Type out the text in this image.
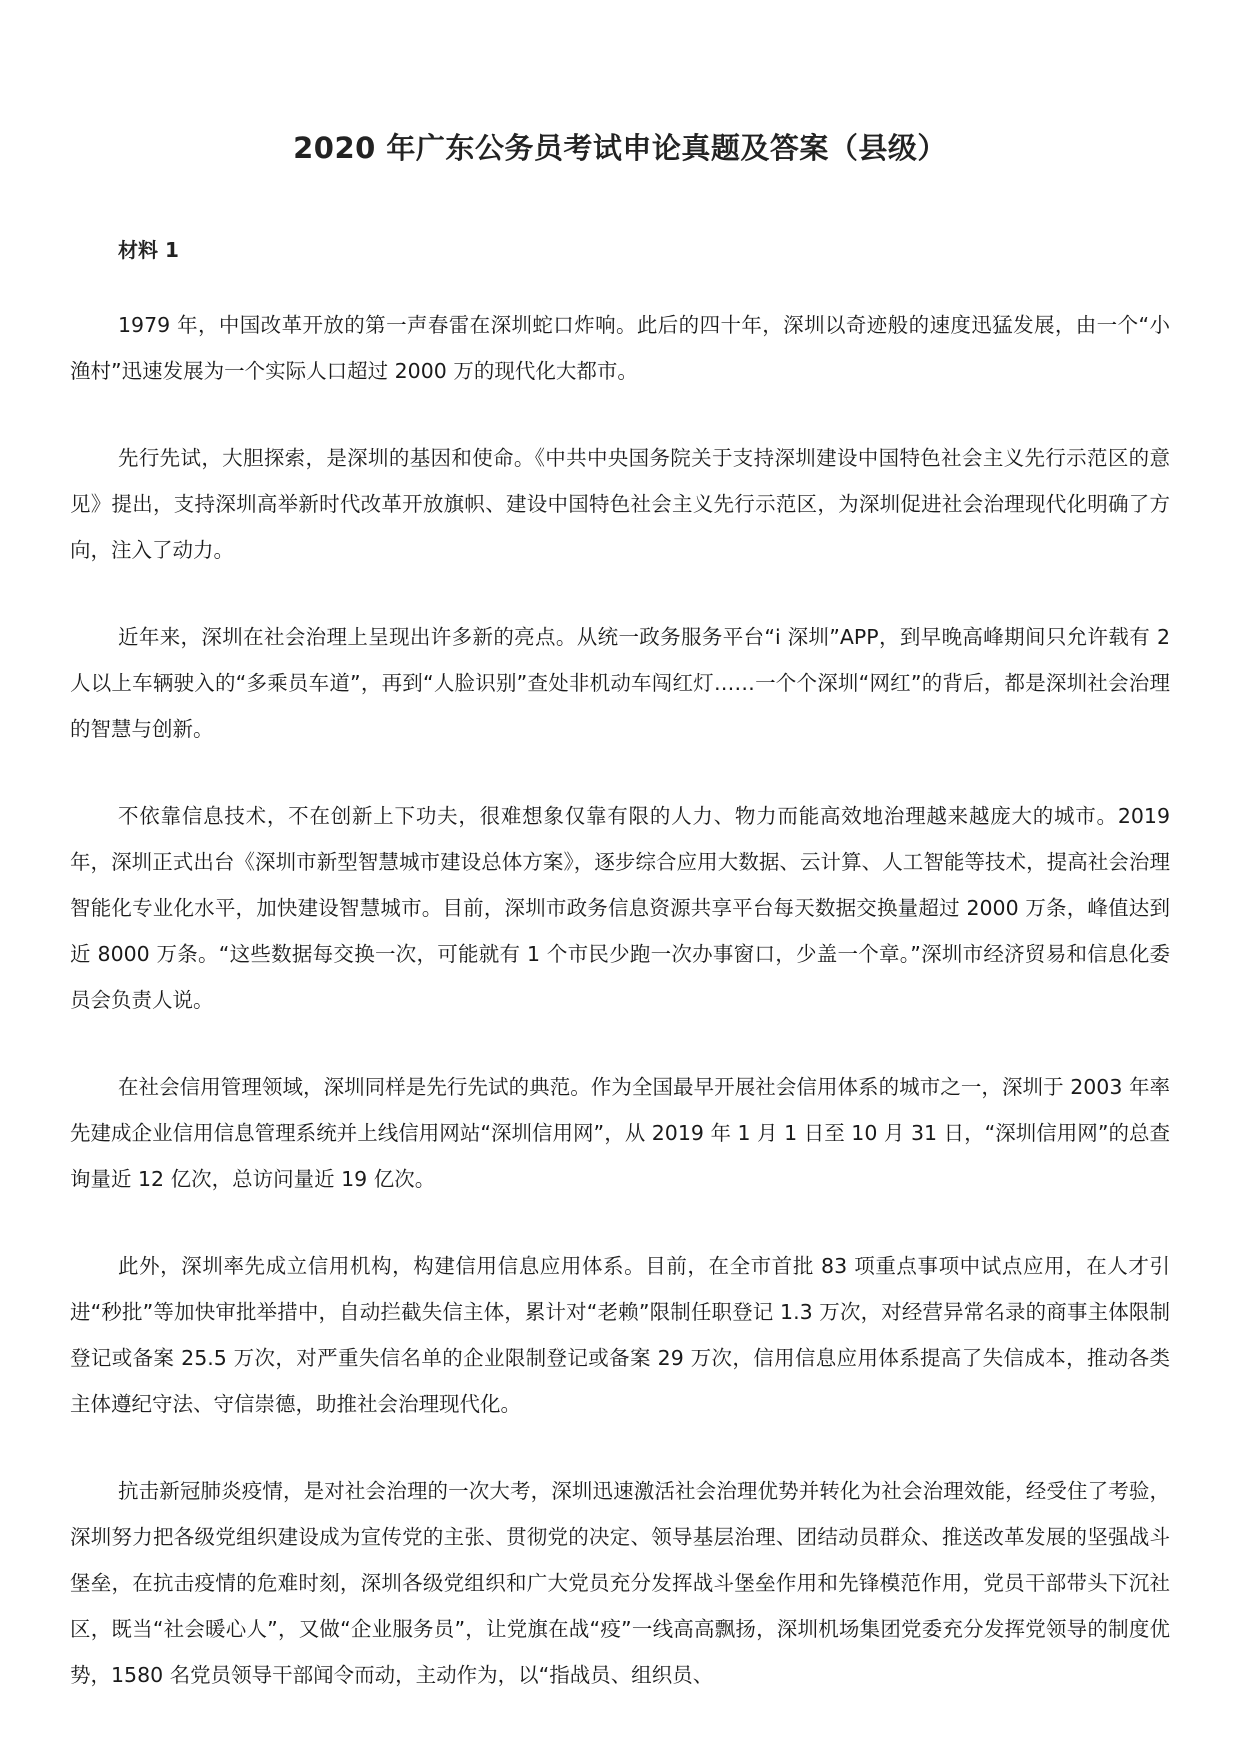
2020 年广东公务员考试申论真题及答案（县级）
材料 1

1979 年，中国改革开放的第一声春雷在深圳蛇口炸响。此后的四十年，深圳以奇迹般的速度迅猛发展，由一个“小渔村”迅速发展为一个实际人口超过 2000 万的现代化大都市。

先行先试，大胆探索，是深圳的基因和使命。《中共中央国务院关于支持深圳建设中国特色社会主义先行示范区的意见》提出，支持深圳高举新时代改革开放旗帜、建设中国特色社会主义先行示范区，为深圳促进社会治理现代化明确了方向，注入了动力。

近年来，深圳在社会治理上呈现出许多新的亮点。从统一政务服务平台“i 深圳”APP，到早晚高峰期间只允许载有 2 人以上车辆驶入的“多乘员车道”，再到“人脸识别”查处非机动车闯红灯……一个个深圳“网红”的背后，都是深圳社会治理的智慧与创新。

不依靠信息技术，不在创新上下功夫，很难想象仅靠有限的人力、物力而能高效地治理越来越庞大的城市。2019 年，深圳正式出台《深圳市新型智慧城市建设总体方案》，逐步综合应用大数据、云计算、人工智能等技术，提高社会治理智能化专业化水平，加快建设智慧城市。目前，深圳市政务信息资源共享平台每天数据交换量超过 2000 万条，峰值达到近 8000 万条。“这些数据每交换一次，可能就有 1 个市民少跑一次办事窗口，少盖一个章。”深圳市经济贸易和信息化委员会负责人说。

在社会信用管理领域，深圳同样是先行先试的典范。作为全国最早开展社会信用体系的城市之一，深圳于 2003 年率先建成企业信用信息管理系统并上线信用网站“深圳信用网”，从 2019 年 1 月 1 日至 10 月 31 日，“深圳信用网”的总查询量近 12 亿次，总访问量近 19 亿次。

此外，深圳率先成立信用机构，构建信用信息应用体系。目前，在全市首批 83 项重点事项中试点应用，在人才引进“秒批”等加快审批举措中，自动拦截失信主体，累计对“老赖”限制任职登记 1.3 万次，对经营异常名录的商事主体限制登记或备案 25.5 万次，对严重失信名单的企业限制登记或备案 29 万次，信用信息应用体系提高了失信成本，推动各类主体遵纪守法、守信崇德，助推社会治理现代化。

抗击新冠肺炎疫情，是对社会治理的一次大考，深圳迅速激活社会治理优势并转化为社会治理效能，经受住了考验，深圳努力把各级党组织建设成为宣传党的主张、贯彻党的决定、领导基层治理、团结动员群众、推送改革发展的坚强战斗堡垒，在抗击疫情的危难时刻，深圳各级党组织和广大党员充分发挥战斗堡垒作用和先锋模范作用，党员干部带头下沉社区，既当“社会暖心人”，又做“企业服务员”，让党旗在战“疫”一线高高飘扬，深圳机场集团党委充分发挥党领导的制度优势，1580 名党员领导干部闻令而动，主动作为，以“指战员、组织员、
